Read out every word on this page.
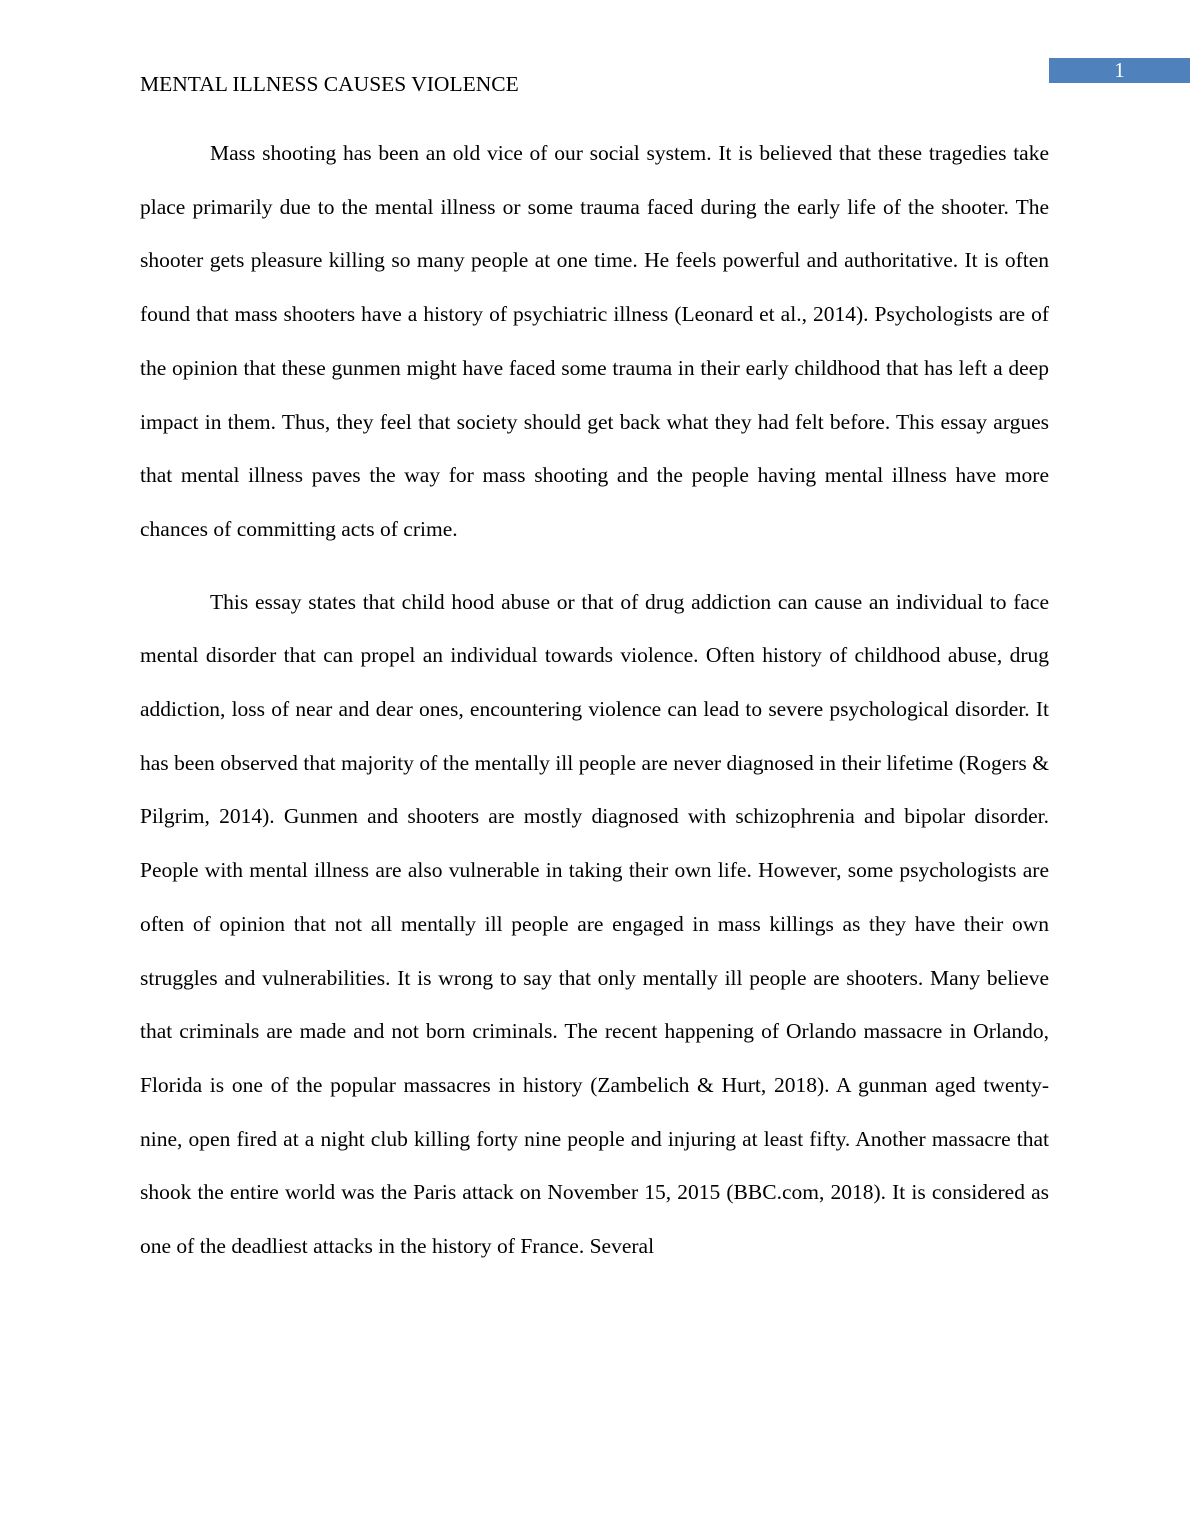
1
MENTAL ILLNESS CAUSES VIOLENCE

Mass shooting has been an old vice of our social system. It is believed that these tragedies take place primarily due to the mental illness or some trauma faced during the early life of the shooter. The shooter gets pleasure killing so many people at one time. He feels powerful and authoritative. It is often found that mass shooters have a history of psychiatric illness (Leonard et al., 2014). Psychologists are of the opinion that these gunmen might have faced some trauma in their early childhood that has left a deep impact in them. Thus, they feel that society should get back what they had felt before. This essay argues that mental illness paves the way for mass shooting and the people having mental illness have more chances of committing acts of crime.

This essay states that child hood abuse or that of drug addiction can cause an individual to face mental disorder that can propel an individual towards violence. Often history of childhood abuse, drug addiction, loss of near and dear ones, encountering violence can lead to severe psychological disorder. It has been observed that majority of the mentally ill people are never diagnosed in their lifetime (Rogers & Pilgrim, 2014). Gunmen and shooters are mostly diagnosed with schizophrenia and bipolar disorder. People with mental illness are also vulnerable in taking their own life. However, some psychologists are often of opinion that not all mentally ill people are engaged in mass killings as they have their own struggles and vulnerabilities. It is wrong to say that only mentally ill people are shooters. Many believe that criminals are made and not born criminals. The recent happening of Orlando massacre in Orlando, Florida is one of the popular massacres in history (Zambelich & Hurt, 2018). A gunman aged twenty-nine, open fired at a night club killing forty nine people and injuring at least fifty. Another massacre that shook the entire world was the Paris attack on November 15, 2015 (BBC.com, 2018). It is considered as one of the deadliest attacks in the history of France. Several
